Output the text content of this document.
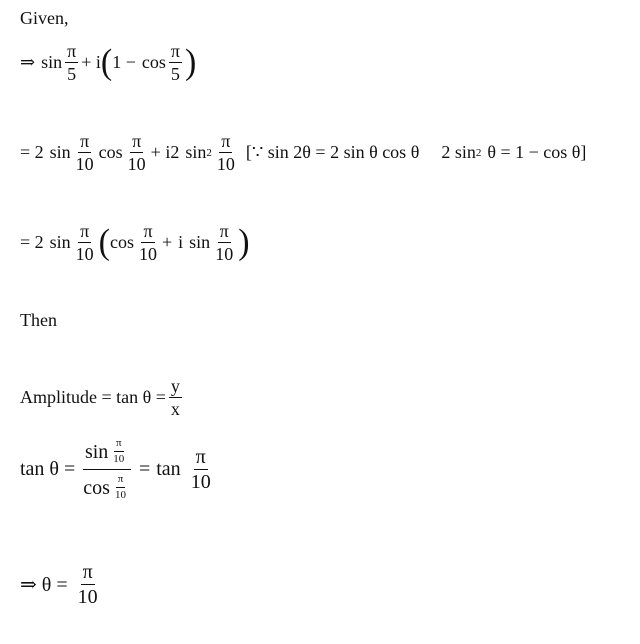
Given,
⇒ $\sin \frac{\pi}{5} + i$ ( $1 - \cos \frac{\pi}{5}$ )
= 2 $\sin \frac{\pi}{10}$ $\cos \frac{\pi}{10} + i2$ $\sin 2 \frac{\pi}{10}$ [∵ sin 2θ = 2 sin θ cos θ 2 sin 2 θ = 1 − cos θ]
= 2 $\sin \frac{\pi}{10}$ ( $\cos \frac{\pi}{10} + i$ $\sin \frac{\pi}{10}$ )
Then
Amplitude = $\tan \theta = \frac{y}{x}$
$\tan \theta = \frac{\sin \frac{\pi}{10}}{\cos \frac{\pi}{10}} = \tan \frac{\pi}{10}$
⇒ $\theta = \frac{\pi}{10}$
